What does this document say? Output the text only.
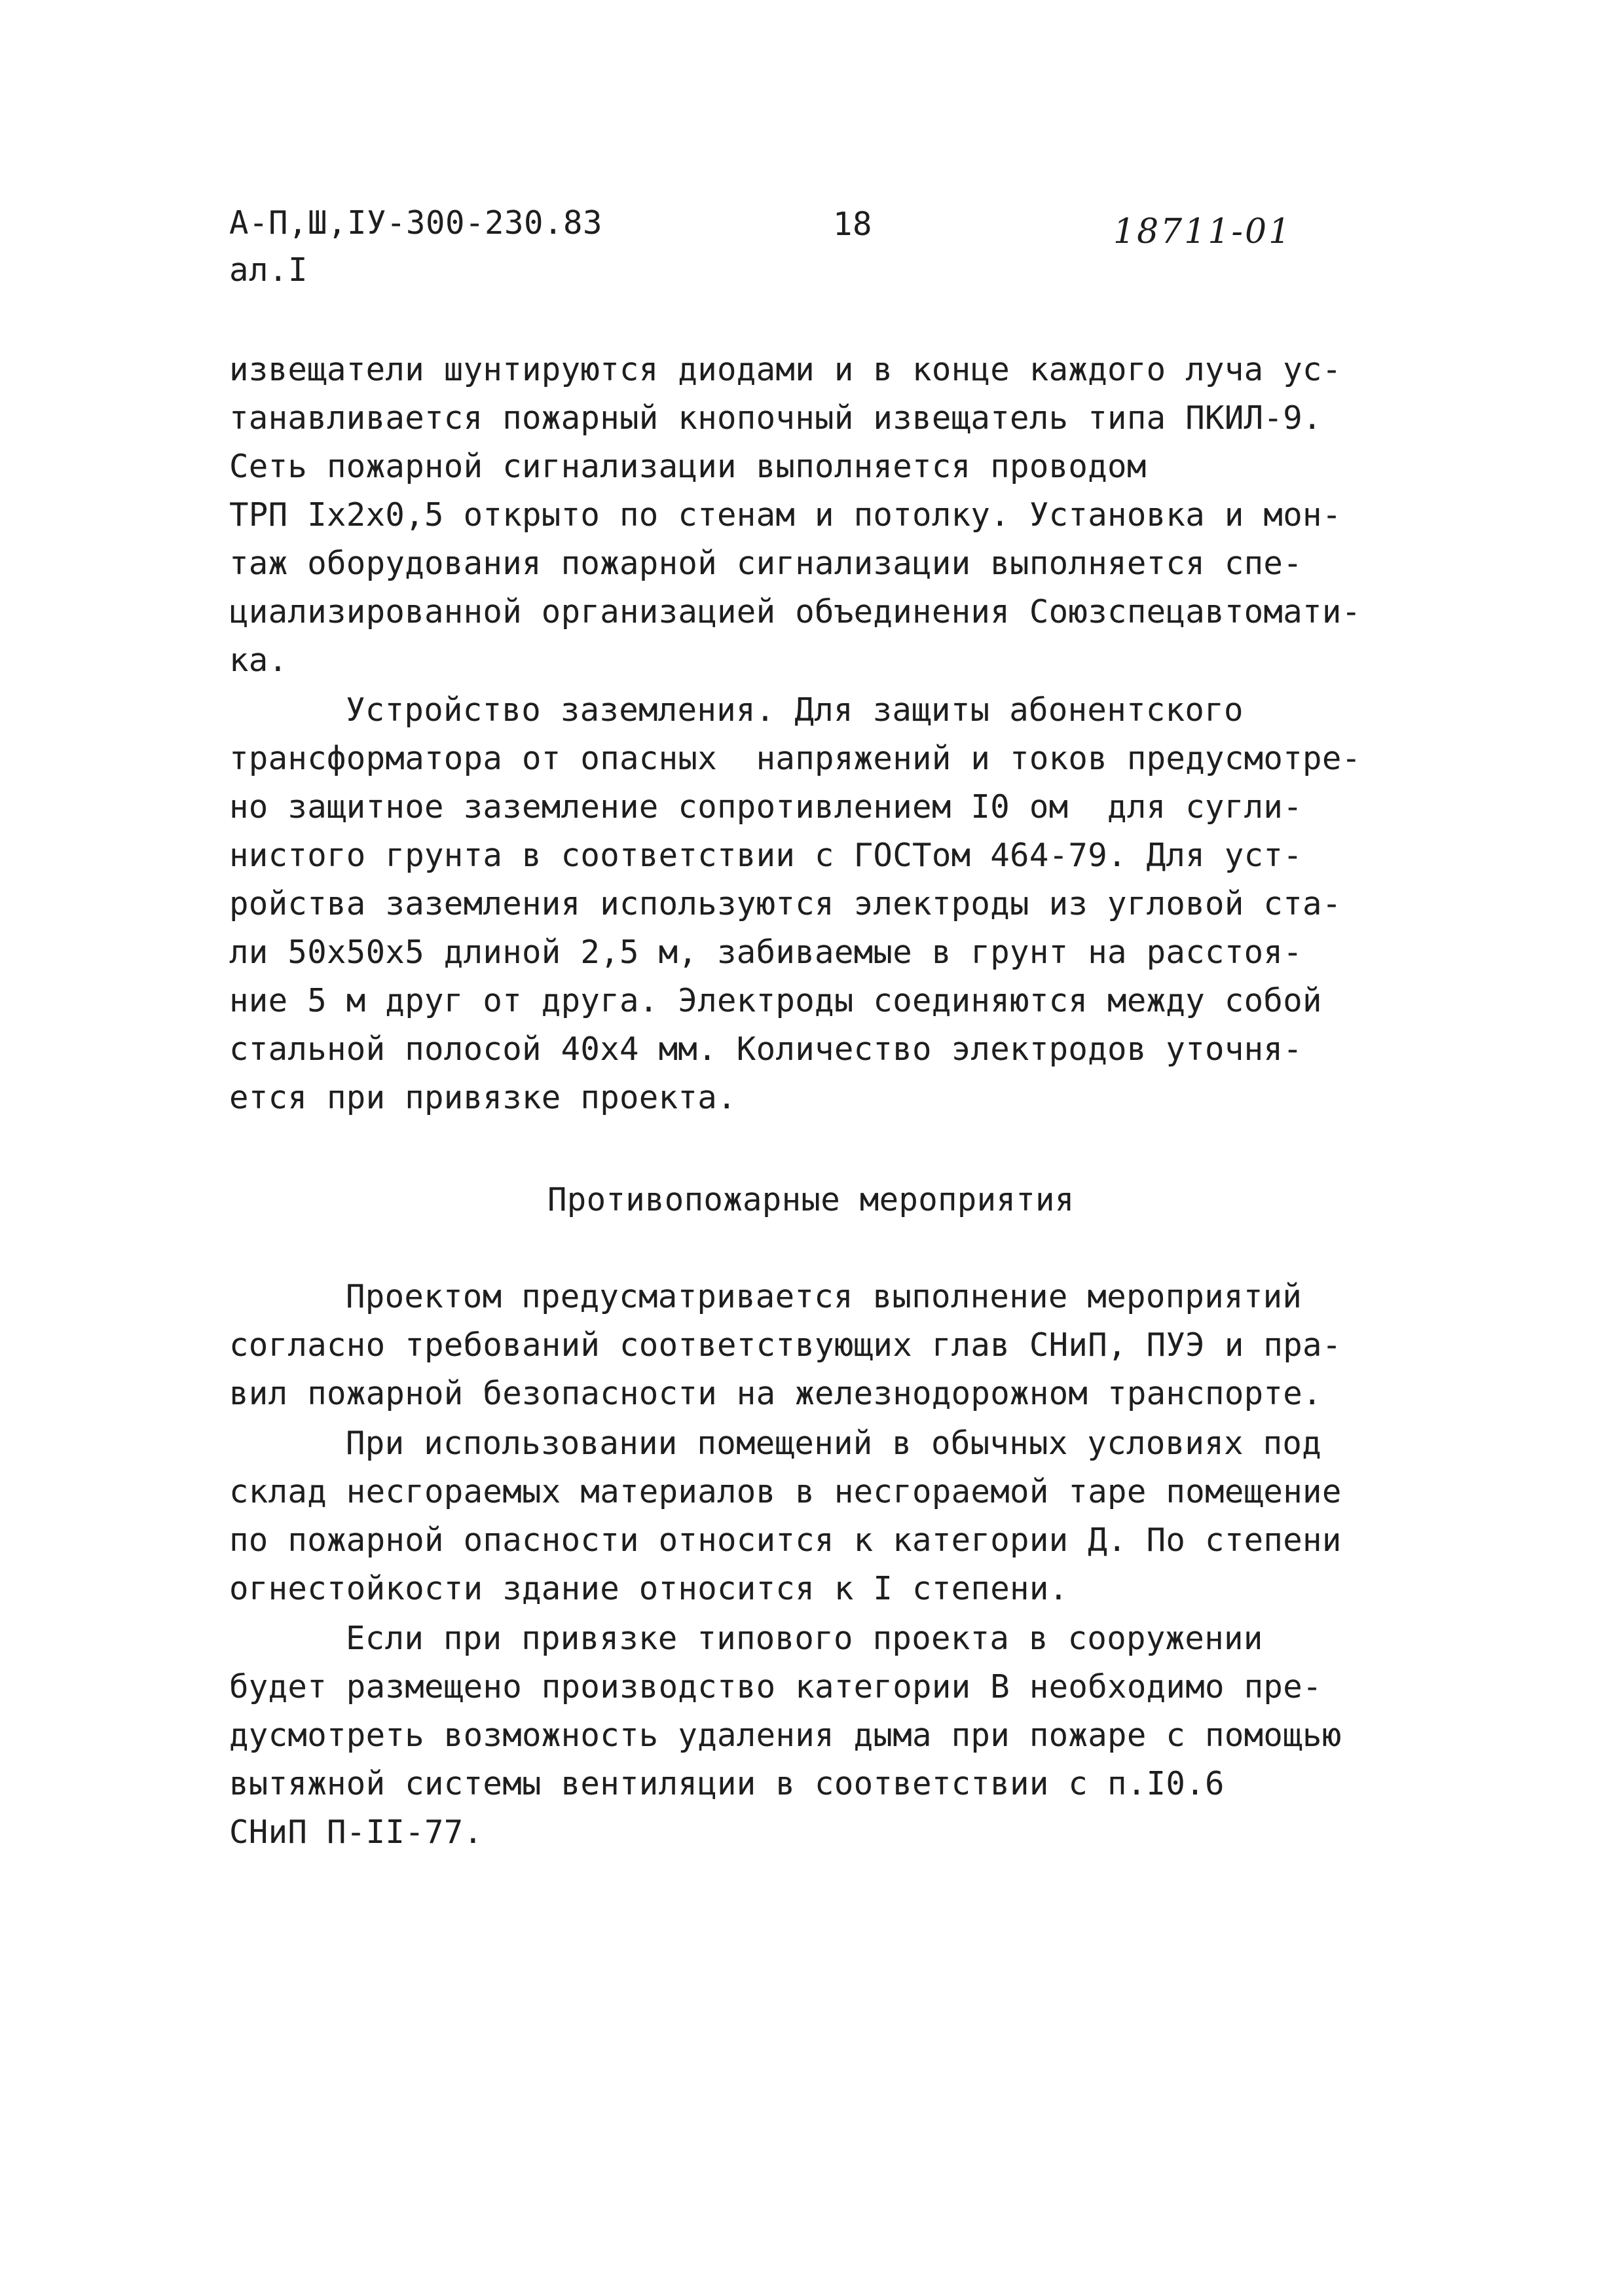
А-П,Ш,IУ-300-230.83
ал.I
18	18711-01
извещатели шунтируются диодами и в конце каждого луча ус-
танавливается пожарный кнопочный извещатель типа ПКИЛ-9.
Сеть пожарной сигнализации выполняется проводом
ТРП Iх2х0,5 открыто по стенам и потолку. Установка и мон-
таж оборудования пожарной сигнализации выполняется спе-
циализированной организацией объединения Союзспецавтомати-
ка.
Устройство заземления. Для защиты абонентского
трансформатора от опасных  напряжений и токов предусмотре-
но защитное заземление сопротивлением I0 ом  для сугли-
нистого грунта в соответствии с ГОСТом 464-79. Для уст-
ройства заземления используются электроды из угловой ста-
ли 50х50х5 длиной 2,5 м, забиваемые в грунт на расстоя-
ние 5 м друг от друга. Электроды соединяются между собой
стальной полосой 40х4 мм. Количество электродов уточня-
ется при привязке проекта.
Противопожарные мероприятия
Проектом предусматривается выполнение мероприятий
согласно требований соответствующих глав СНиП, ПУЭ и пра-
вил пожарной безопасности на железнодорожном транспорте.
При использовании помещений в обычных условиях под
склад несгораемых материалов в несгораемой таре помещение
по пожарной опасности относится к категории Д. По степени
огнестойкости здание относится к I степени.
Если при привязке типового проекта в сооружении
будет размещено производство категории В необходимо пре-
дусмотреть возможность удаления дыма при пожаре с помощью
вытяжной системы вентиляции в соответствии с п.I0.6
СНиП П-II-77.
